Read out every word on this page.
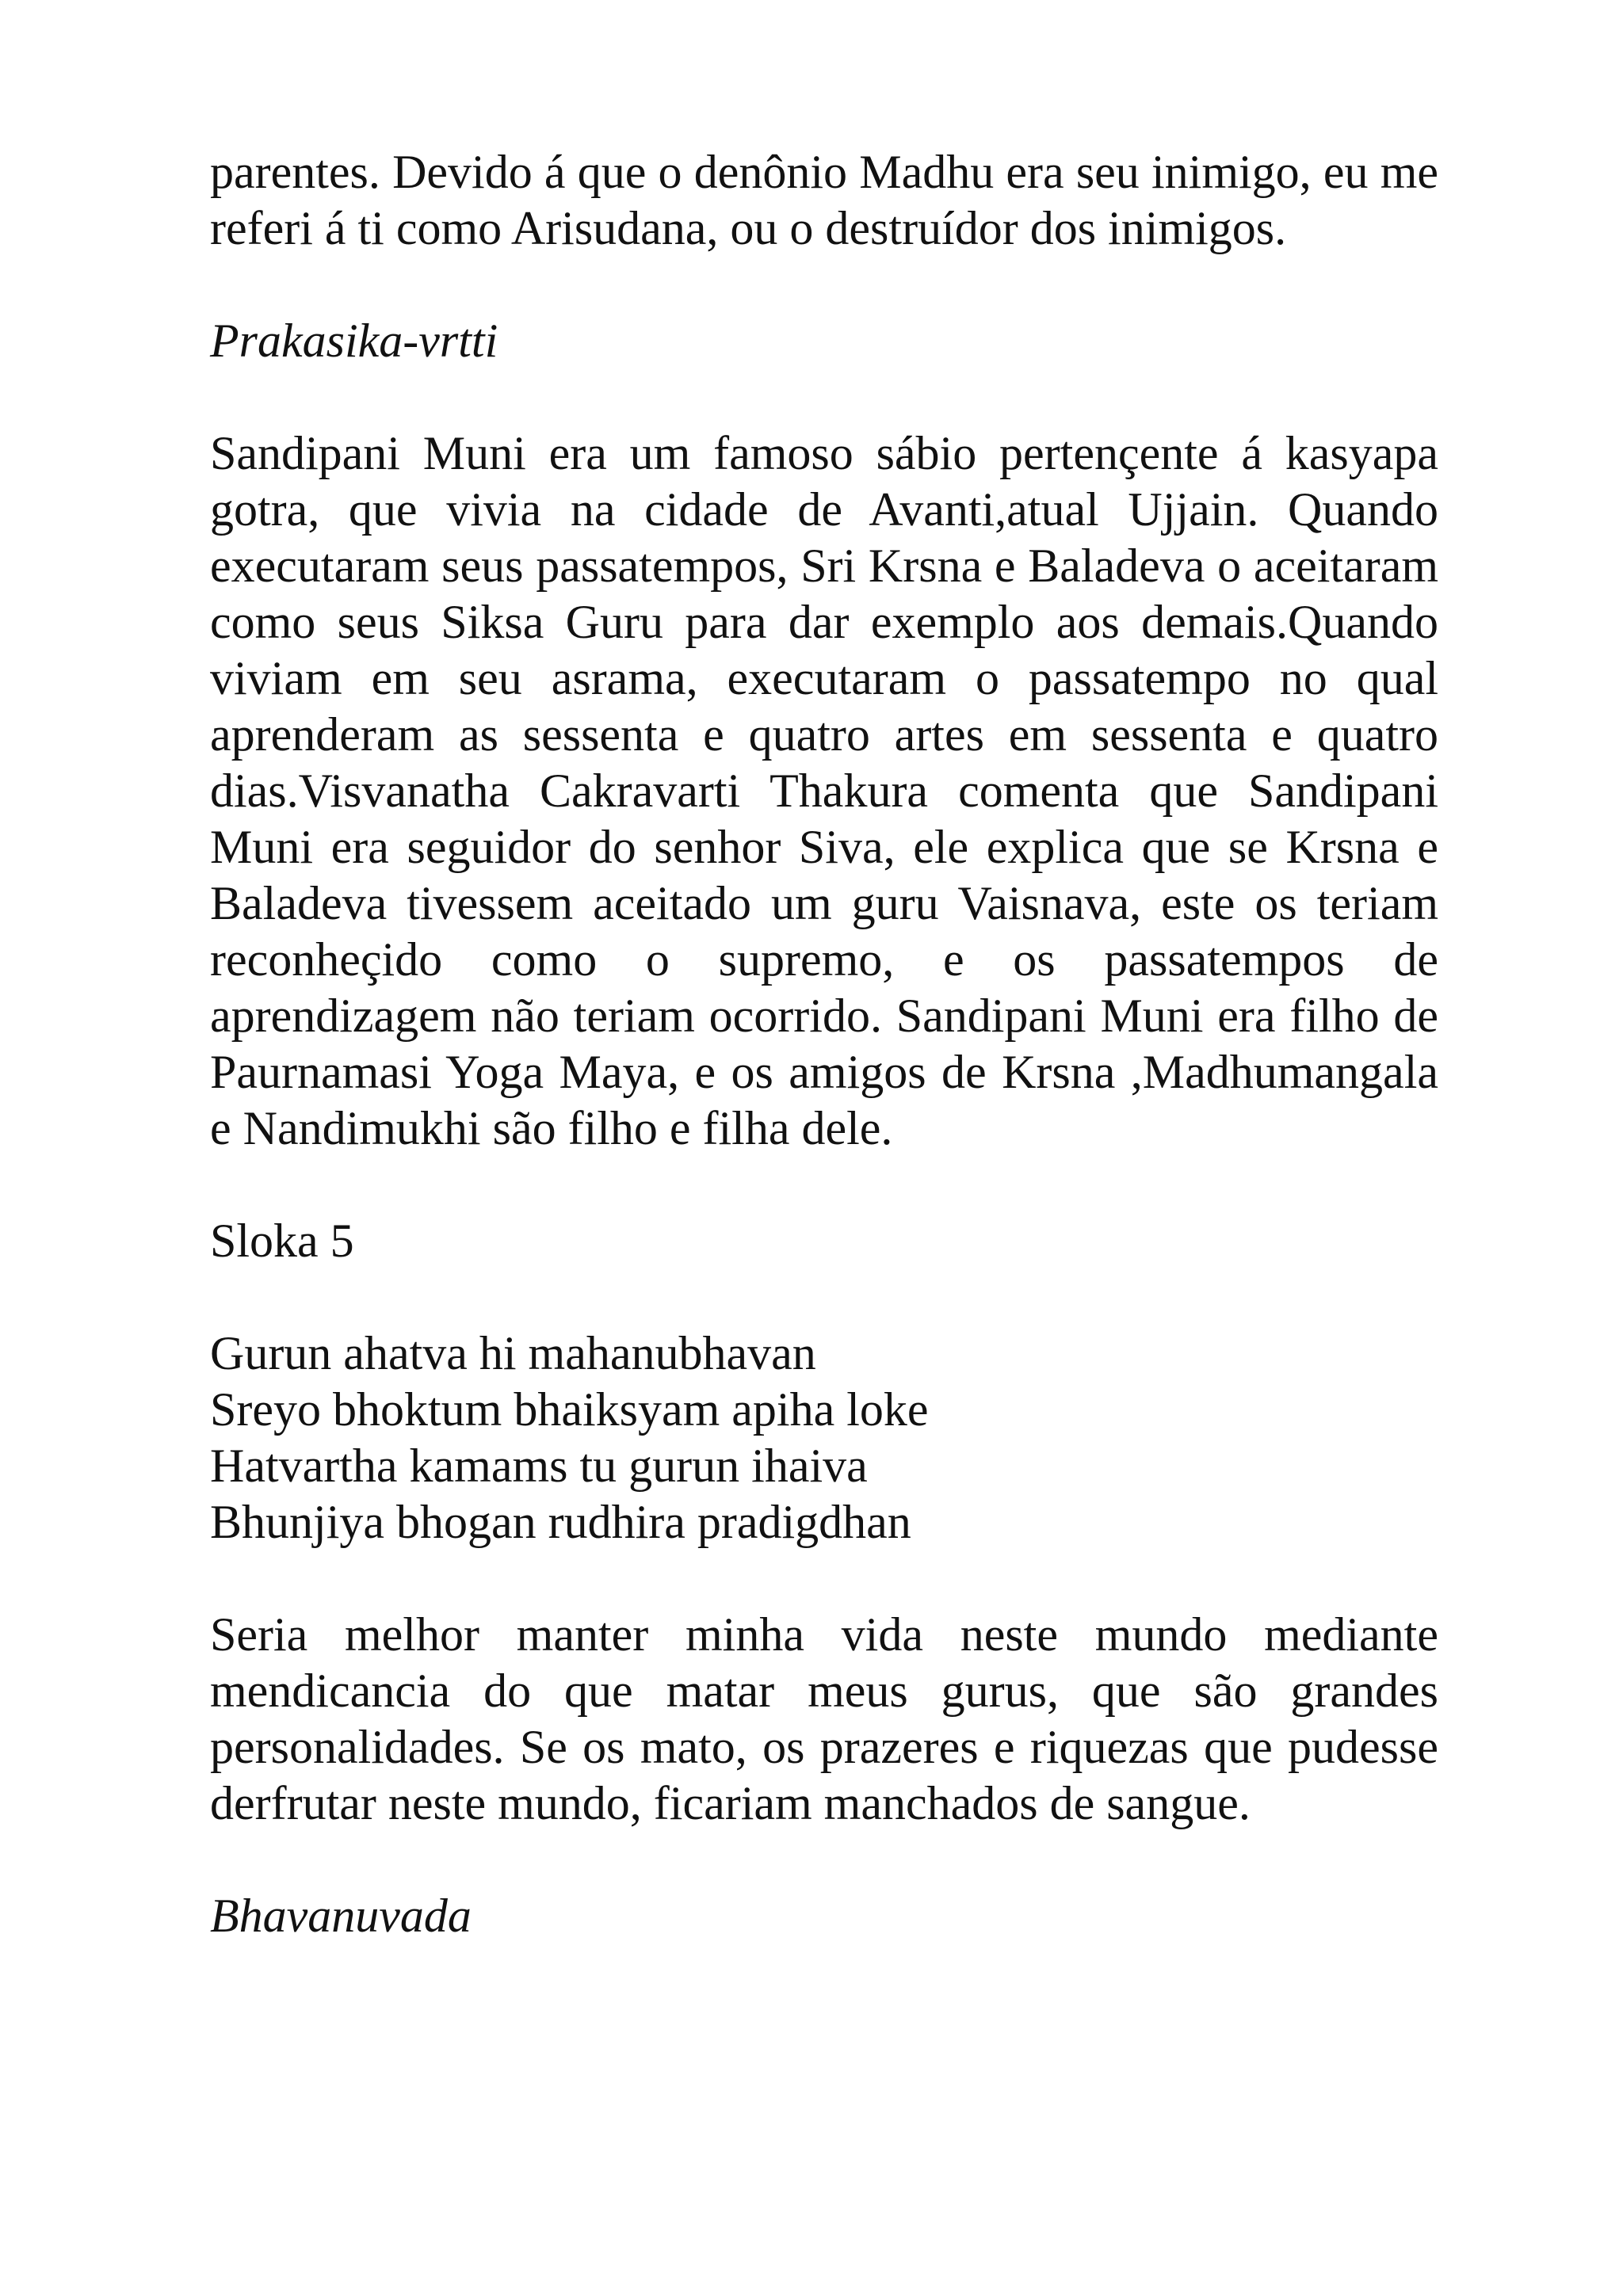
parentes. Devido á que o denônio Madhu era seu inimigo, eu me referi á ti como Arisudana, ou o destruídor dos inimigos.

Prakasika-vrtti

Sandipani Muni era um famoso sábio pertençente á kasyapa gotra, que vivia na cidade de Avanti,atual Ujjain. Quando executaram seus passatempos, Sri Krsna e Baladeva o aceitaram como seus Siksa Guru para dar exemplo aos demais.Quando viviam em seu asrama, executaram o passatempo no qual aprenderam as sessenta e quatro artes em sessenta e quatro dias.Visvanatha Cakravarti Thakura comenta que Sandipani Muni era seguidor do senhor Siva, ele explica que se Krsna e Baladeva tivessem aceitado um guru Vaisnava, este os teriam reconheçido como o supremo, e os passatempos de aprendizagem não teriam ocorrido. Sandipani Muni era filho de Paurnamasi Yoga Maya, e os amigos de Krsna ,Madhumangala e Nandimukhi são filho e filha dele.

Sloka 5

Gurun ahatva hi mahanubhavan
Sreyo bhoktum bhaiksyam apiha loke
Hatvartha kamams tu gurun ihaiva
Bhunjiya bhogan rudhira pradigdhan

Seria melhor manter minha vida neste mundo mediante mendicancia do que matar meus gurus, que são grandes personalidades. Se os mato, os prazeres e riquezas que pudesse derfrutar neste mundo, ficariam manchados de sangue.

Bhavanuvada
